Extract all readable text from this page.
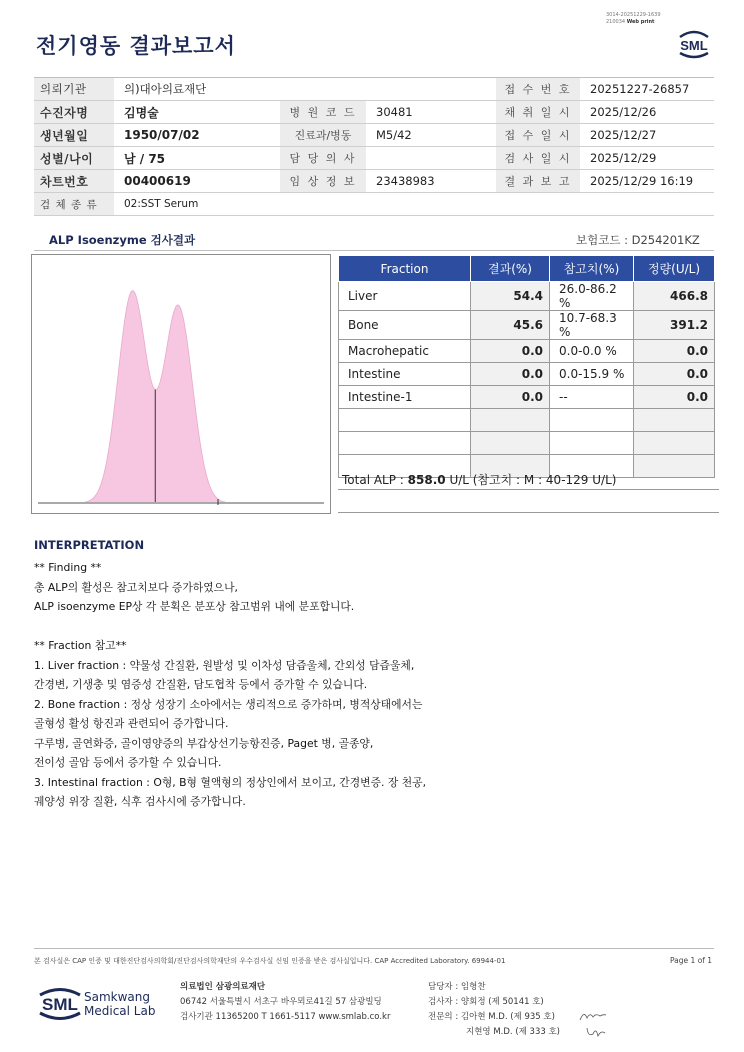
전기영동 결과보고서
3014-20251229-1639
210034 Web print
SML
의뢰기관	의)대아의료재단			접 수 번 호	20251227-26857
수진자명	김명술	병 원 코 드	30481	채 취 일 시	2025/12/26
생년월일	1950/07/02	진료과/병동	M5/42	접 수 일 시	2025/12/27
성별/나이	남 / 75	담 당 의 사		검 사 일 시	2025/12/29
차트번호	00400619	임 상 정 보	23438983	결 과 보 고	2025/12/29 16:19
검 체 종 류	02:SST Serum				
ALP Isoenzyme 검사결과	보험코드 : D254201KZ
Fraction	결과(%)	참고치(%)	정량(U/L)
Liver	54.4	26.0-86.2 %	466.8
Bone	45.6	10.7-68.3 %	391.2
Macrohepatic	0.0	0.0-0.0 %	0.0
Intestine	0.0	0.0-15.9 %	0.0
Intestine-1	0.0	--	0.0

Total ALP : 858.0 U/L (참고치 : M : 40-129 U/L)
INTERPRETATION
** Finding **
총 ALP의 활성은 참고치보다 증가하였으나,
ALP isoenzyme EP상 각 분획은 분포상 참고범위 내에 분포합니다.

** Fraction 참고**
1. Liver fraction : 약물성 간질환, 원발성 및 이차성 담즙울체, 간외성 담즙울체,
간경변, 기생충 및 염증성 간질환, 담도협착 등에서 증가할 수 있습니다.
2. Bone fraction : 정상 성장기 소아에서는 생리적으로 증가하며, 병적상태에서는
골형성 활성 항진과 관련되어 증가합니다.
구루병, 골연화증, 골이영양증의 부갑상선기능항진증, Paget 병, 골종양,
전이성 골암 등에서 증가할 수 있습니다.
3. Intestinal fraction : O형, B형 혈액형의 정상인에서 보이고, 간경변증. 장 천공,
궤양성 위장 질환, 식후 검사시에 증가합니다.
본 검사실은 CAP 인증 및 대한진단검사의학회/진단검사의학재단의 우수검사실 신임 인증을 받은 검사실입니다. CAP Accredited Laboratory. 69944-01	Page 1 of 1
SML Samkwang
Medical Lab
의료법인 삼광의료재단
06742 서울특별시 서초구 바우뫼로41길 57 삼광빌딩
검사기관 11365200 T 1661-5117 www.smlab.co.kr
담당자 : 임형찬
검사자 : 양회정 (제 50141 호)
전문의 : 김아현 M.D. (제 935 호)
지현영 M.D. (제 333 호)
